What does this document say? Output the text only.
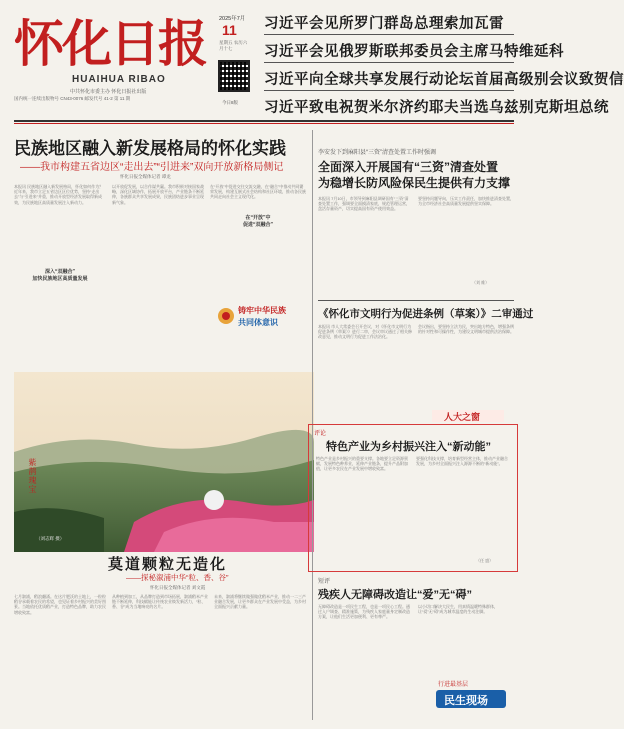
怀化日报
HUAIHUA RIBAO
中共怀化市委主办 怀化日报社出版
国内统一连续出版物号 CN43-0076 邮发代号 41-2 第 11 期
2025年7月
11
星期五 农历六月十七
今日8版
习近平会见所罗门群岛总理索加瓦雷
习近平会见俄罗斯联邦委员会主席马特维延科
习近平向全球共享发展行动论坛首届高级别会议致贺信
习近平致电祝贺米尔济约耶夫当选乌兹别克斯坦总统
民族地区融入新发展格局的怀化实践
——我市构建五省边区“走出去”“引进来”双向开放新格局侧记
怀化日报全媒体记者 谭龙
本报讯 民族地区融入新发展格局，怀化如何作为？近年来，我市立足五省边区区位优势，坚持“走出去”与“引进来”并重，推动开放型经济发展取得新成效，为民族地区高质量发展注入新动力。
深入“双融合”
加快民族地区高质量发展
以开放促发展，以合作谋共赢。我市积极对接国家战略，深化区域协作，拓展开放平台，产业链条不断延伸，各族群众共享发展成果，民族团结进步事业呈现新气象。
在“开放”中促进交往交流交融，在“融合”中推动共同繁荣发展，构建互嵌式社会结构和社区环境，推动各民族共同走向社会主义现代化。
在“开放”中
促进“双融合”
铸牢中华民族
共同体意识
紫鹊瑰宝
（刘志辉 摄）
莫道颗粒无造化
——探秘溆浦中华“粒、香、谷”
怀化日报全媒体记者 刘文霞
七月溆浦，稻浪翻涌。在这片肥沃的土地上，一粒粒稻谷承载着农民的希望，也见证着乡村振兴的美好图景。当地依托优质稻产业，打造特色品牌，助力农民增收致富。
从种植到加工，从品牌打造到市场拓展，溆浦稻米产业链不断延伸，科技赋能让传统农业焕发新活力，“粒、香、谷”成为当地响亮的名片。
未来，溆浦将继续做强做优稻米产业，推动一二三产业融合发展，让更多群众在产业发展中受益，为乡村全面振兴贡献力量。
李安发下到麻阳县“三资”清查处置工作时强调
全面深入开展国有“三资”清查处置
为稳增长防风险保民生提供有力支撑
本报讯 7月10日，市领导到麻阳县调研国有“三资”清查处置工作，强调要全面摸清家底，规范管理运营，盘活存量资产，切实提高国有资产使用效益。
要坚持问题导向，压实工作责任，加快推进清查处置，为全市经济社会高质量发展提供坚实保障。
（刘 维）
《怀化市文明行为促进条例（草案）》二审通过
本报讯 市人大常委会召开会议，对《怀化市文明行为促进条例（草案）》进行二审，会议审议通过了相关修改意见，推动文明行为促进工作法治化。
会议指出，要坚持立法为民，突出地方特色，增强条例的针对性和可操作性，为建设文明城市提供法治保障。
人大之窗
评论
特色产业为乡村振兴注入“新动能”
特色产业是乡村振兴的重要支撑。各地要立足资源禀赋，发展特色种养业，延伸产业链条，提升产品附加值，让更多农民在产业发展中增收致富。
要强化科技支撑，培育新型经营主体，推动产业融合发展，为乡村全面振兴注入源源不断的“新动能”。
（任 盛）
短评
残疾人无障碍改造让“爱”无“碍”
无障碍改造是一项民生工程，也是一项民心工程。通过入户调查、精准施策，为残疾人家庭量身定制改造方案，让他们生活更加便利、更有尊严。
以小切口解决大民生，用真情温暖特殊群体，让“爱”无“碍”成为城市温度的生动注脚。
行进最基层
民生现场
